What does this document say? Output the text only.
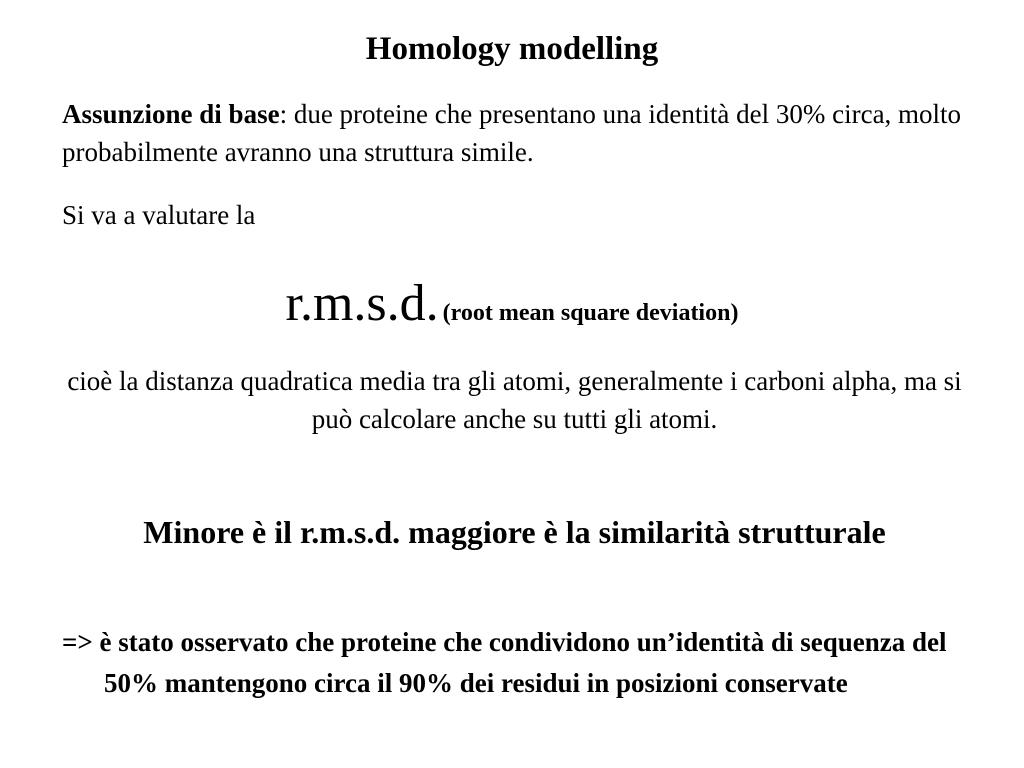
Homology modelling

Assunzione di base: due proteine che presentano una identità del 30% circa, molto probabilmente avranno una struttura simile.

Si va a valutare la

r.m.s.d. (root mean square deviation)

cioè la distanza quadratica media tra gli atomi, generalmente i carboni alpha, ma si può calcolare anche su tutti gli atomi.

Minore è il r.m.s.d. maggiore è la similarità strutturale

=> è stato osservato che proteine che condividono un’identità di sequenza del 50% mantengono circa il 90% dei residui in posizioni conservate
